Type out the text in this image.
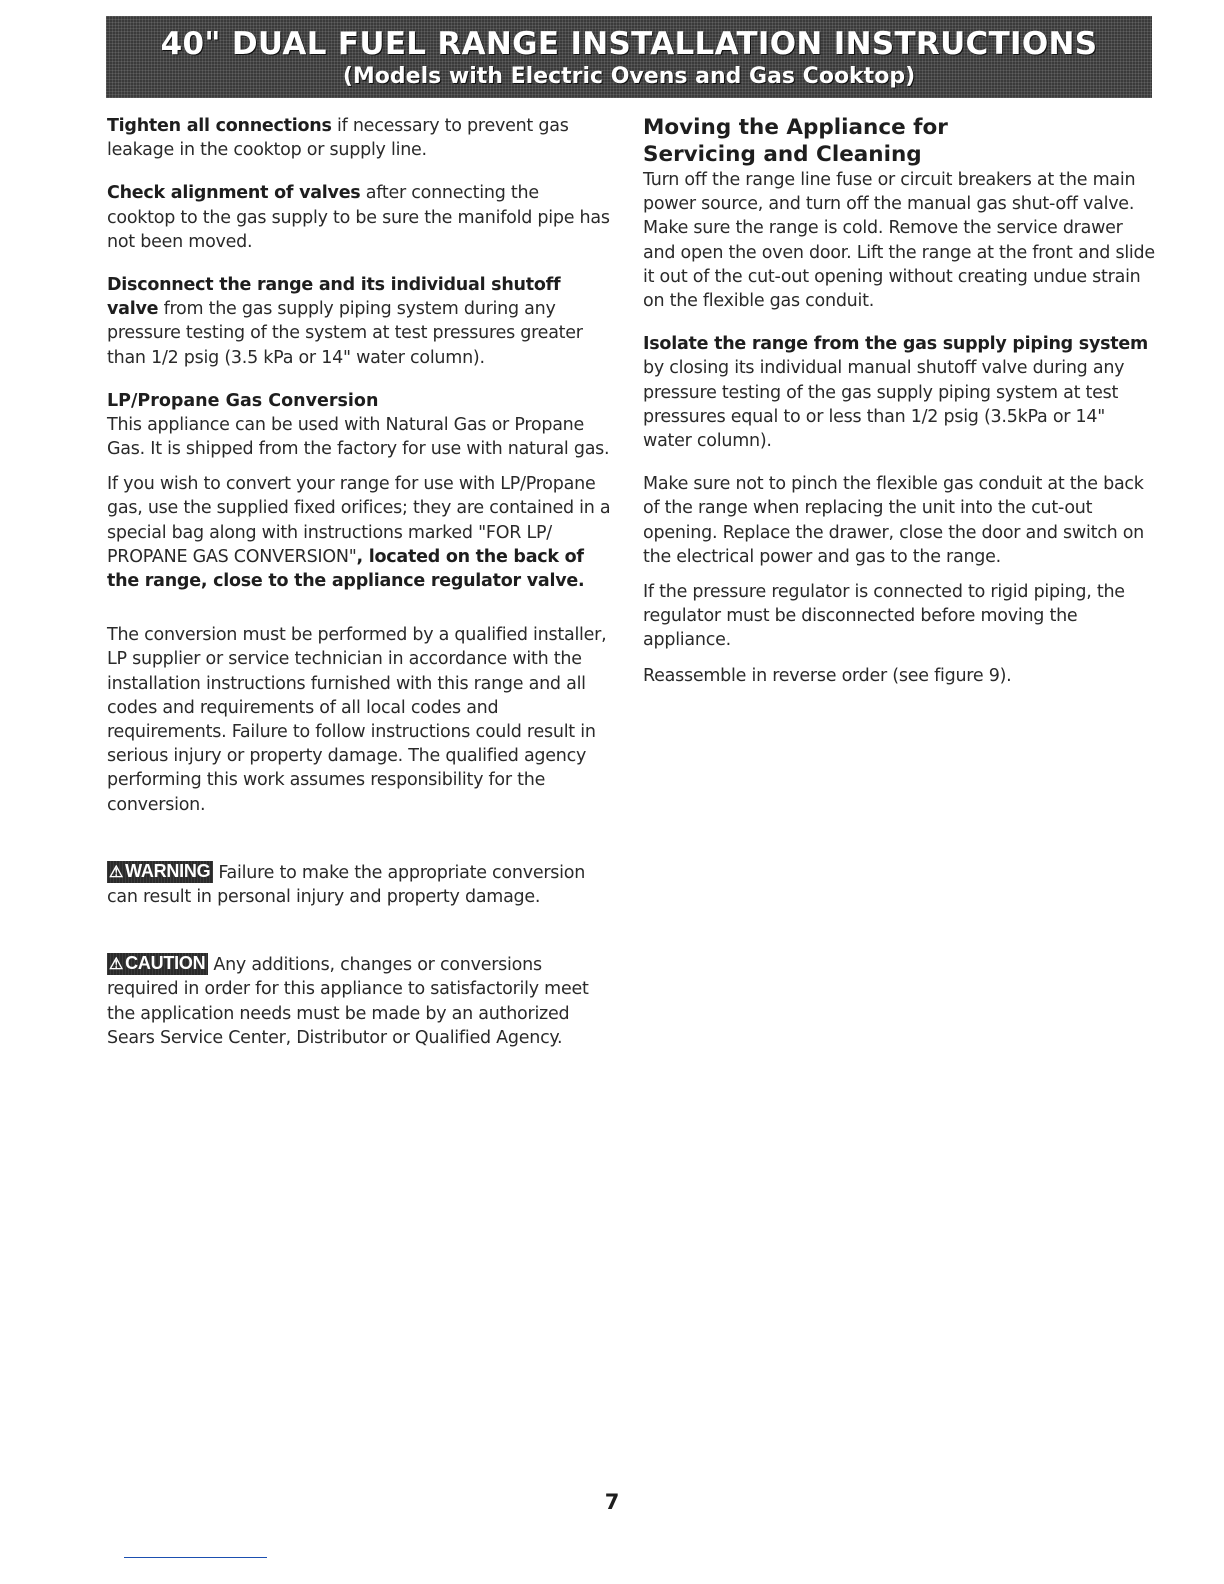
40" DUAL FUEL RANGE INSTALLATION INSTRUCTIONS
(Models with Electric Ovens and Gas Cooktop)

Tighten all connections if necessary to prevent gas leakage in the cooktop or supply line.

Check alignment of valves after connecting the cooktop to the gas supply to be sure the manifold pipe has not been moved.

Disconnect the range and its individual shutoff valve from the gas supply piping system during any pressure testing of the system at test pressures greater than 1/2 psig (3.5 kPa or 14" water column).

LP/Propane Gas Conversion

This appliance can be used with Natural Gas or Propane Gas. It is shipped from the factory for use with natural gas.

If you wish to convert your range for use with LP/Propane gas, use the supplied fixed orifices; they are contained in a special bag along with instructions marked "FOR LP/ PROPANE GAS CONVERSION", located on the back of the range, close to the appliance regulator valve.

The conversion must be performed by a qualified installer, LP supplier or service technician in accordance with the installation instructions furnished with this range and all codes and requirements of all local codes and requirements. Failure to follow instructions could result in serious injury or property damage. The qualified agency performing this work assumes responsibility for the conversion.

⚠ WARNING Failure to make the appropriate conversion can result in personal injury and property damage.

⚠ CAUTION Any additions, changes or conversions required in order for this appliance to satisfactorily meet the application needs must be made by an authorized Sears Service Center, Distributor or Qualified Agency.

Moving the Appliance for
Servicing and Cleaning

Turn off the range line fuse or circuit breakers at the main power source, and turn off the manual gas shut-off valve. Make sure the range is cold. Remove the service drawer and open the oven door. Lift the range at the front and slide it out of the cut-out opening without creating undue strain on the flexible gas conduit.

Isolate the range from the gas supply piping system by closing its individual manual shutoff valve during any pressure testing of the gas supply piping system at test pressures equal to or less than 1/2 psig (3.5kPa or 14" water column).

Make sure not to pinch the flexible gas conduit at the back of the range when replacing the unit into the cut-out opening. Replace the drawer, close the door and switch on the electrical power and gas to the range.

If the pressure regulator is connected to rigid piping, the regulator must be disconnected before moving the appliance.

Reassemble in reverse order (see figure 9).

7
